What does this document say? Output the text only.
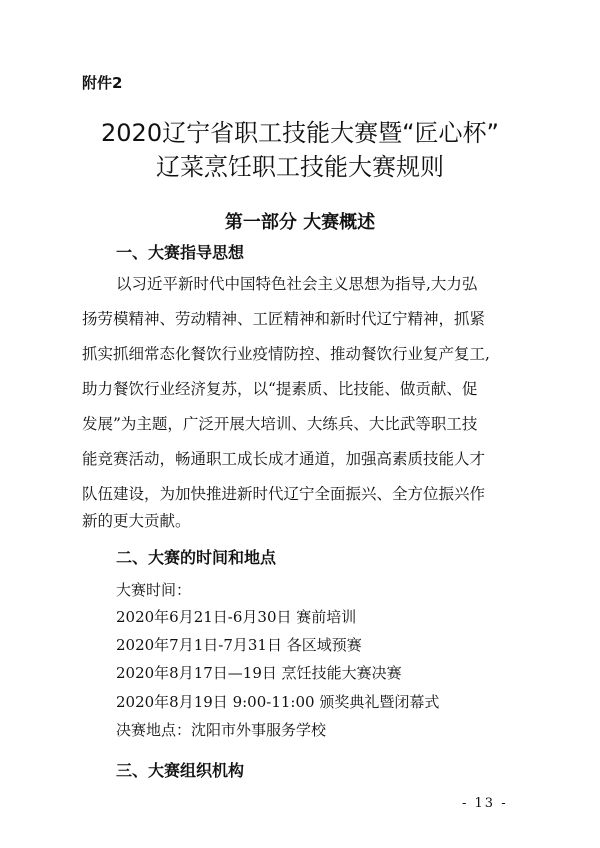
附件2
2020辽宁省职工技能大赛暨“匠心杯”
辽菜烹饪职工技能大赛规则
第一部分 大赛概述
一、大赛指导思想
以习近平新时代中国特色社会主义思想为指导,大力弘
扬劳模精神、劳动精神、工匠精神和新时代辽宁精神，抓紧
抓实抓细常态化餐饮行业疫情防控、推动餐饮行业复产复工,
助力餐饮行业经济复苏，以“提素质、比技能、做贡献、促
发展”为主题，广泛开展大培训、大练兵、大比武等职工技
能竞赛活动，畅通职工成长成才通道，加强高素质技能人才
队伍建设，为加快推进新时代辽宁全面振兴、全方位振兴作
新的更大贡献。
二、大赛的时间和地点
大赛时间：
2020年6月21日-6月30日 赛前培训
2020年7月1日-7月31日 各区域预赛
2020年8月17日—19日 烹饪技能大赛决赛
2020年8月19日 9:00-11:00 颁奖典礼暨闭幕式
- 13 -
决赛地点：沈阳市外事服务学校
三、大赛组织机构
